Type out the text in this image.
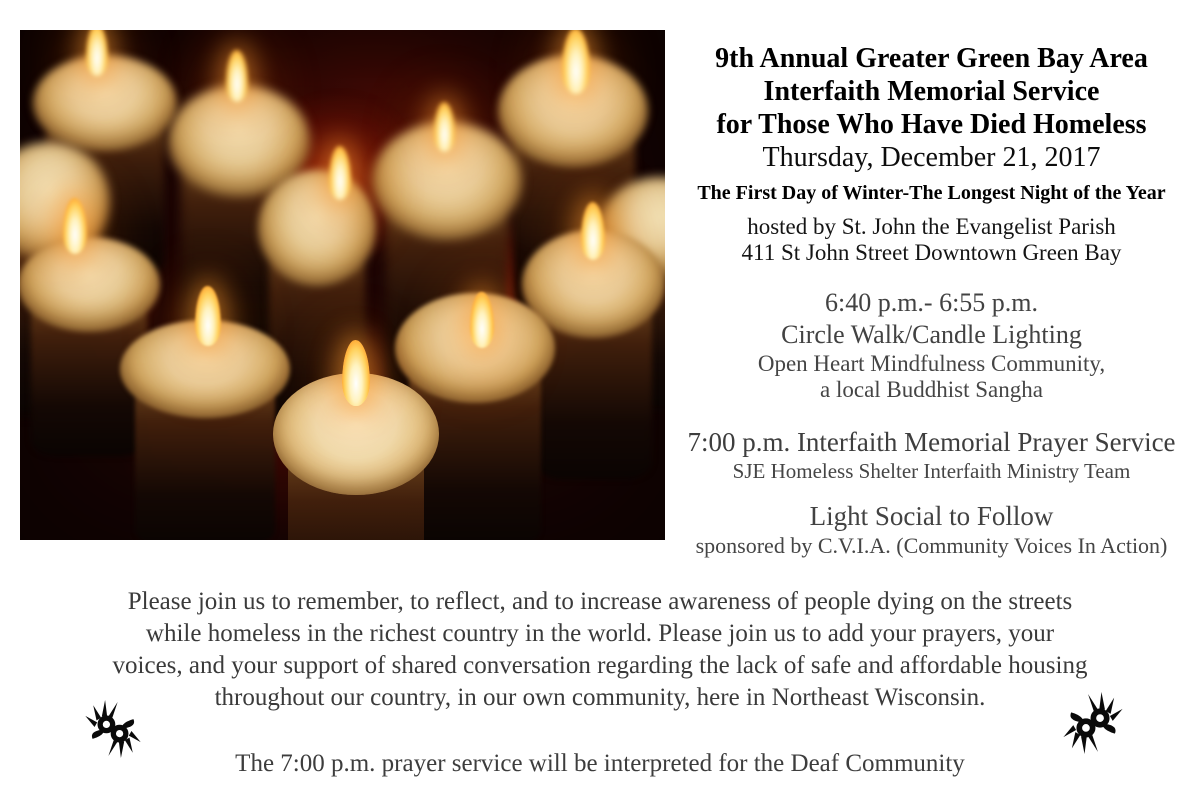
9th Annual Greater Green Bay Area
Interfaith Memorial Service
for Those Who Have Died Homeless
Thursday, December 21, 2017
The First Day of Winter-The Longest Night of the Year
hosted by St. John the Evangelist Parish
411 St John Street Downtown Green Bay
6:40 p.m.- 6:55 p.m.
Circle Walk/Candle Lighting
Open Heart Mindfulness Community,
a local Buddhist Sangha
7:00 p.m. Interfaith Memorial Prayer Service
SJE Homeless Shelter Interfaith Ministry Team
Light Social to Follow
sponsored by C.V.I.A. (Community Voices In Action)
Please join us to remember, to reflect, and to increase awareness of people dying on the streets
while homeless in the richest country in the world. Please join us to add your prayers, your
voices, and your support of shared conversation regarding the lack of safe and affordable housing
throughout our country, in our own community, here in Northeast Wisconsin.
The 7:00 p.m. prayer service will be interpreted for the Deaf Community
